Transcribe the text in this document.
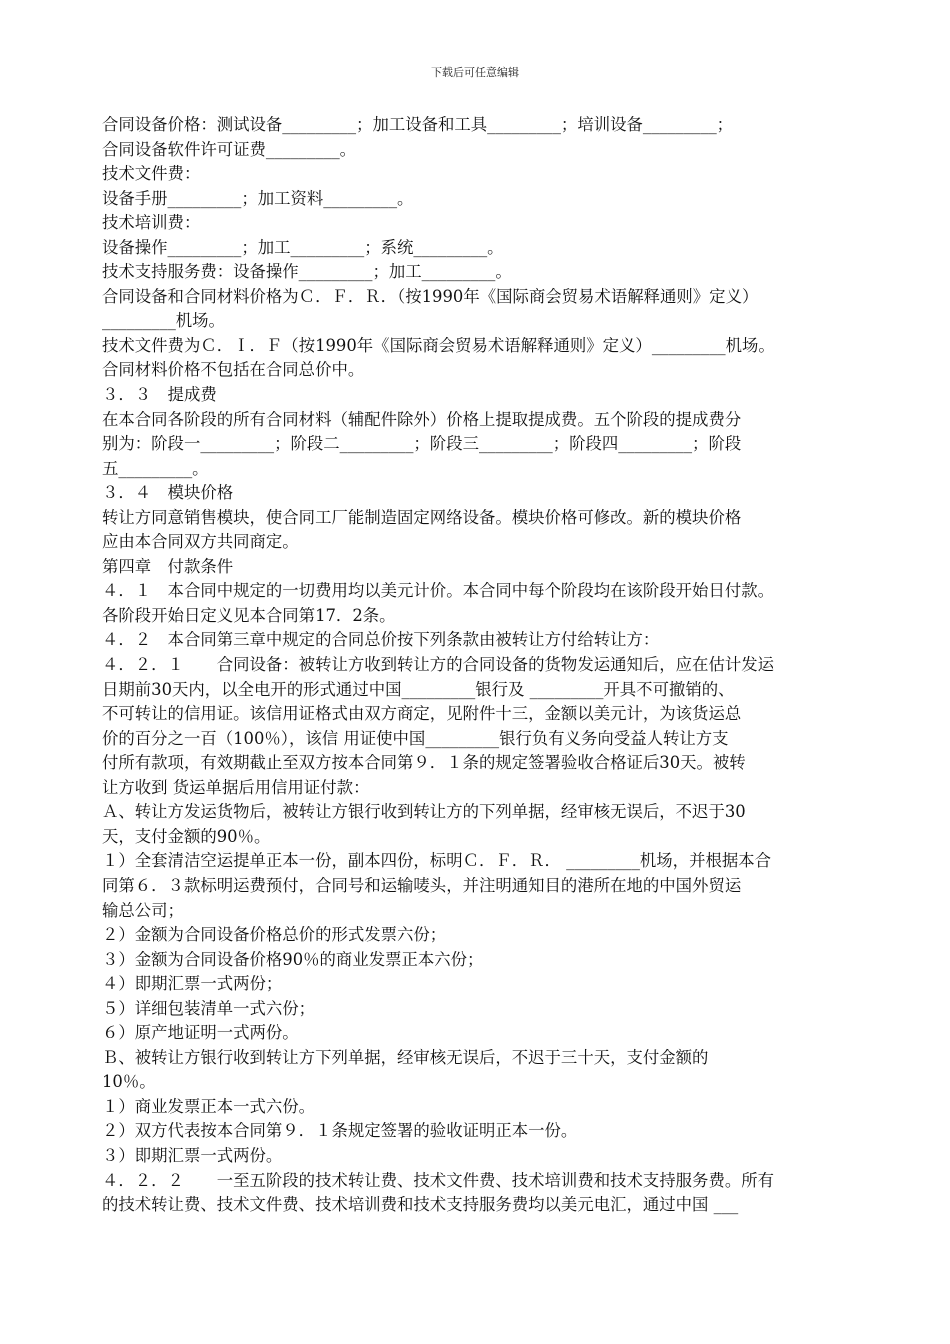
下载后可任意编辑
合同设备价格：测试设备_________；加工设备和工具_________；培训设备_________；
合同设备软件许可证费_________。
技术文件费：
设备手册_________；加工资料_________。
技术培训费：
设备操作_________；加工_________；系统_________。
技术支持服务费：设备操作_________；加工_________。
合同设备和合同材料价格为Ｃ．Ｆ．Ｒ．（按1990年《国际商会贸易术语解释通则》定义）
_________机场。
技术文件费为Ｃ．Ｉ．Ｆ（按1990年《国际商会贸易术语解释通则》定义）_________机场。
合同材料价格不包括在合同总价中。
３．３　提成费
在本合同各阶段的所有合同材料（辅配件除外）价格上提取提成费。五个阶段的提成费分
别为：阶段一_________；阶段二_________；阶段三_________；阶段四_________；阶段
五_________。
３．４　模块价格
转让方同意销售模块，使合同工厂能制造固定网络设备。模块价格可修改。新的模块价格
应由本合同双方共同商定。
第四章　付款条件
４．１　本合同中规定的一切费用均以美元计价。本合同中每个阶段均在该阶段开始日付款。
各阶段开始日定义见本合同第17．2条。
４．２　本合同第三章中规定的合同总价按下列条款由被转让方付给转让方：
４．２．１　　合同设备：被转让方收到转让方的合同设备的货物发运通知后，应在估计发运
日期前30天内，以全电开的形式通过中国_________银行及 _________开具不可撤销的、
不可转让的信用证。该信用证格式由双方商定，见附件十三，金额以美元计，为该货运总
价的百分之一百（100％），该信 用证使中国_________银行负有义务向受益人转让方支
付所有款项，有效期截止至双方按本合同第９．１条的规定签署验收合格证后30天。被转
让方收到 货运单据后用信用证付款：
Ａ、转让方发运货物后，被转让方银行收到转让方的下列单据，经审核无误后，不迟于30
天，支付金额的90％。
１）全套清洁空运提单正本一份，副本四份，标明Ｃ．Ｆ．Ｒ． _________机场，并根据本合
同第６．３款标明运费预付，合同号和运输唛头，并注明通知目的港所在地的中国外贸运
输总公司；
２）金额为合同设备价格总价的形式发票六份；
３）金额为合同设备价格90％的商业发票正本六份；
４）即期汇票一式两份；
５）详细包装清单一式六份；
６）原产地证明一式两份。
Ｂ、被转让方银行收到转让方下列单据，经审核无误后，不迟于三十天，支付金额的
10％。
１）商业发票正本一式六份。
２）双方代表按本合同第９．１条规定签署的验收证明正本一份。
３）即期汇票一式两份。
４．２．２　　一至五阶段的技术转让费、技术文件费、技术培训费和技术支持服务费。所有
的技术转让费、技术文件费、技术培训费和技术支持服务费均以美元电汇，通过中国 ___
